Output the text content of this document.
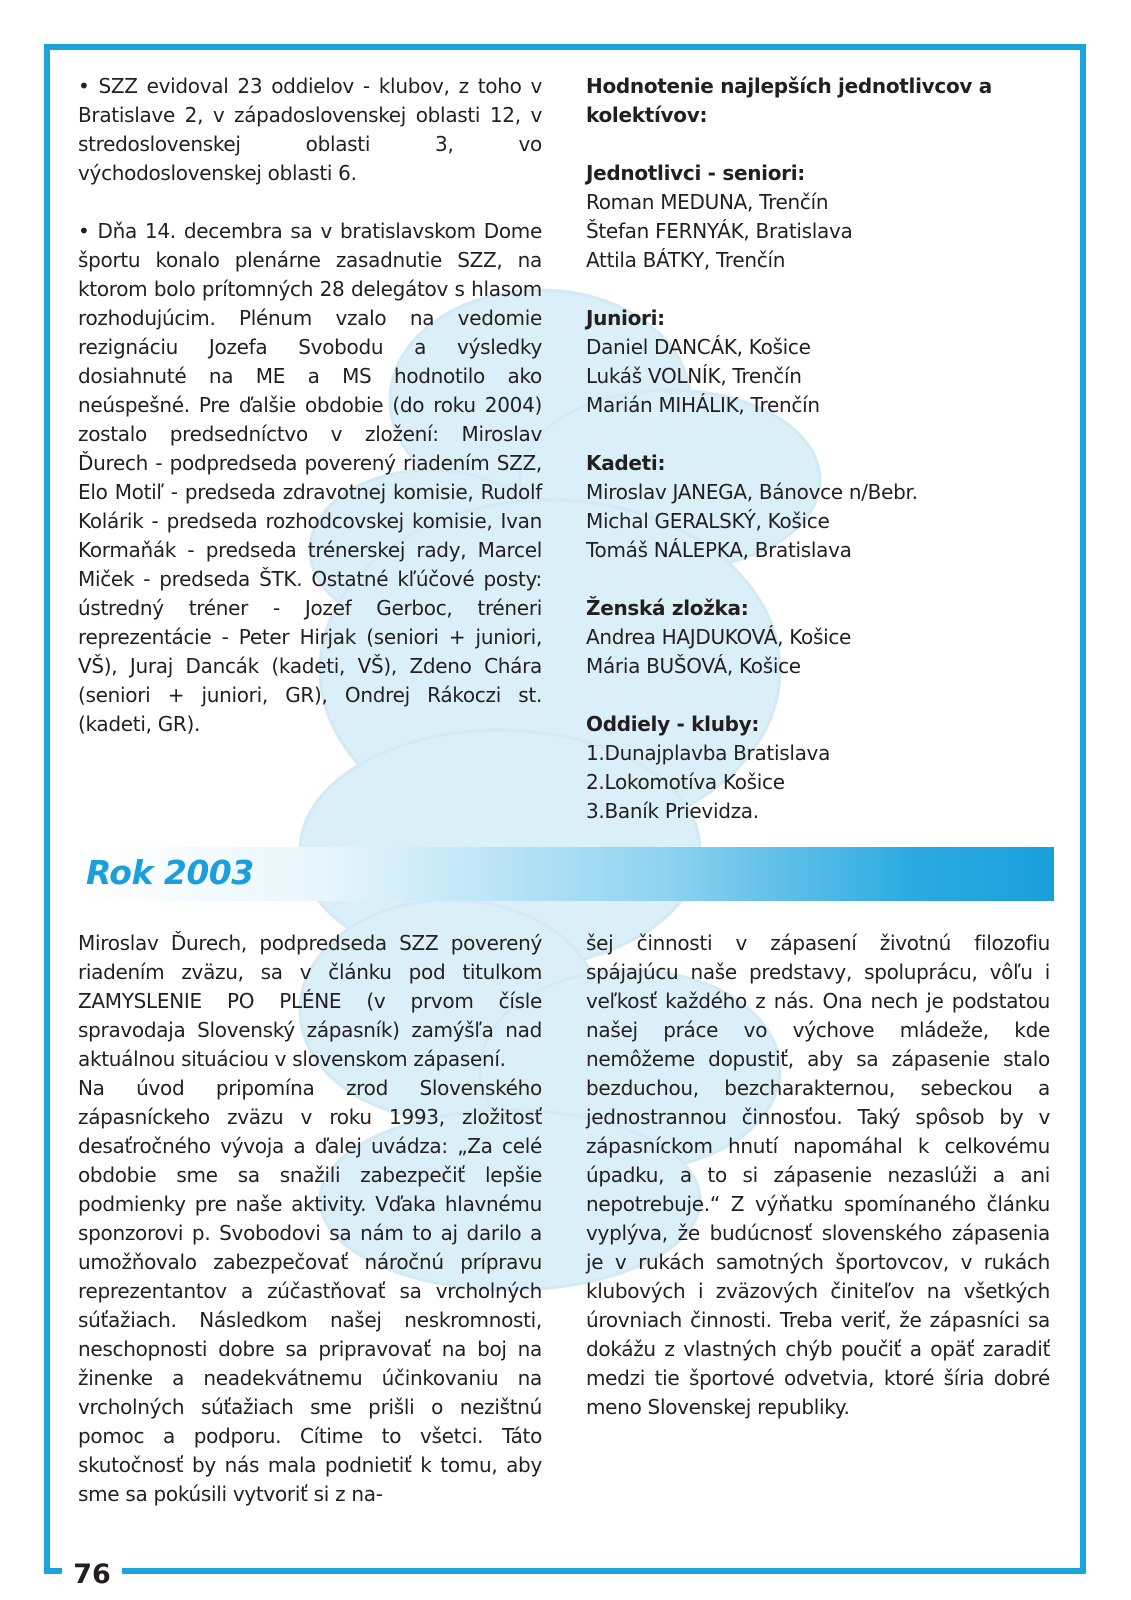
• SZZ evidoval 23 oddielov - klubov, z toho v Bratislave 2, v západoslovenskej oblasti 12, v stredoslovenskej oblasti 3, vo východoslovenskej oblasti 6.

• Dňa 14. decembra sa v bratislavskom Dome športu konalo plenárne zasadnutie SZZ, na ktorom bolo prítomných 28 delegátov s hlasom rozhodujúcim. Plénum vzalo na vedomie rezignáciu Jozefa Svobodu a výsledky dosiahnuté na ME a MS hodnotilo ako neúspešné. Pre ďalšie obdobie (do roku 2004) zostalo predsedníctvo v zložení: Miroslav Ďurech - podpredseda poverený riadením SZZ, Elo Motiľ - predseda zdravotnej komisie, Rudolf Kolárik - predseda rozhodcovskej komisie, Ivan Kormaňák - predseda trénerskej rady, Marcel Miček - predseda ŠTK. Ostatné kľúčové posty: ústredný tréner - Jozef Gerboc, tréneri reprezentácie - Peter Hirjak (seniori + juniori, VŠ), Juraj Dancák (kadeti, VŠ), Zdeno Chára (seniori + juniori, GR), Ondrej Rákoczi st. (kadeti, GR).

Hodnotenie najlepších jednotlivcov a kolektívov:

Jednotlivci - seniori:

Roman MEDUNA, Trenčín
Štefan FERNYÁK, Bratislava
Attila BÁTKY, Trenčín

Juniori:

Daniel DANCÁK, Košice
Lukáš VOLNÍK, Trenčín
Marián MIHÁLIK, Trenčín

Kadeti:

Miroslav JANEGA, Bánovce n/Bebr.
Michal GERALSKÝ, Košice
Tomáš NÁLEPKA, Bratislava

Ženská zložka:

Andrea HAJDUKOVÁ, Košice
Mária BUŠOVÁ, Košice

Oddiely - kluby:

1.Dunajplavba Bratislava
2.Lokomotíva Košice
3.Baník Prievidza.
Rok 2003

Miroslav Ďurech, podpredseda SZZ poverený riadením zväzu, sa v článku pod titulkom ZAMYSLENIE PO PLÉNE (v prvom čísle spravodaja Slovenský zápasník) zamýšľa nad aktuálnou situáciou v slovenskom zápasení.

Na úvod pripomína zrod Slovenského zápasníckeho zväzu v roku 1993, zložitosť desaťročného vývoja a ďalej uvádza: „Za celé obdobie sme sa snažili zabezpečiť lepšie podmienky pre naše aktivity. Vďaka hlavnému sponzorovi p. Svobodovi sa nám to aj darilo a umožňovalo zabezpečovať náročnú prípravu reprezentantov a zúčastňovať sa vrcholných súťažiach. Následkom našej neskromnosti, neschopnosti dobre sa pripravovať na boj na žinenke a neadekvátnemu účinkovaniu na vrcholných súťažiach sme prišli o nezištnú pomoc a podporu. Cítime to všetci. Táto skutočnosť by nás mala podnietiť k tomu, aby sme sa pokúsili vytvoriť si z na-

šej činnosti v zápasení životnú filozofiu spájajúcu naše predstavy, spoluprácu, vôľu i veľkosť každého z nás. Ona nech je podstatou našej práce vo výchove mládeže, kde nemôžeme dopustiť, aby sa zápasenie stalo bezduchou, bezcharakternou, sebeckou a jednostrannou činnosťou. Taký spôsob by v zápasníckom hnutí napomáhal k celkovému úpadku, a to si zápasenie nezaslúži a ani nepotrebuje.“ Z výňatku spomínaného článku vyplýva, že budúcnosť slovenského zápasenia je v rukách samotných športovcov, v rukách klubových i zväzových činiteľov na všetkých úrovniach činnosti. Treba veriť, že zápasníci sa dokážu z vlastných chýb poučiť a opäť zaradiť medzi tie športové odvetvia, ktoré šíria dobré meno Slovenskej republiky.

76
